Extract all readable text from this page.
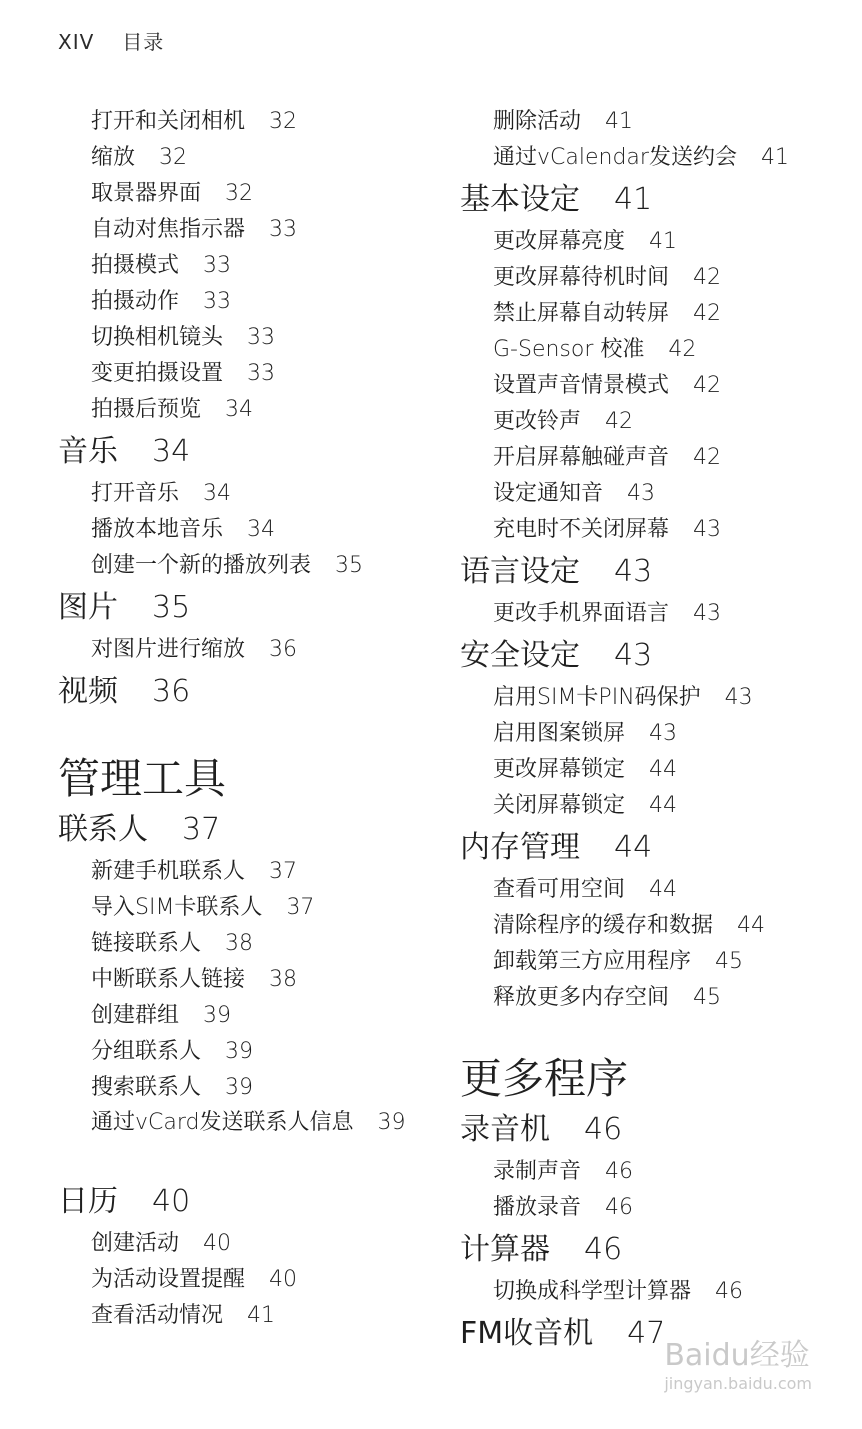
XIV 目录
打开和关闭相机 32
缩放 32
取景器界面 32
自动对焦指示器 33
拍摄模式 33
拍摄动作 33
切换相机镜头 33
变更拍摄设置 33
拍摄后预览 34
音乐 34
打开音乐 34
播放本地音乐 34
创建一个新的播放列表 35
图片 35
对图片进行缩放 36
视频 36
管理工具
联系人 37
新建手机联系人 37
导入SIM卡联系人 37
链接联系人 38
中断联系人链接 38
创建群组 39
分组联系人 39
搜索联系人 39
通过vCard发送联系人信息 39
日历 40
创建活动 40
为活动设置提醒 40
查看活动情况 41
删除活动 41
通过vCalendar发送约会 41
基本设定 41
更改屏幕亮度 41
更改屏幕待机时间 42
禁止屏幕自动转屏 42
G-Sensor 校准 42
设置声音情景模式 42
更改铃声 42
开启屏幕触碰声音 42
设定通知音 43
充电时不关闭屏幕 43
语言设定 43
更改手机界面语言 43
安全设定 43
启用SIM卡PIN码保护 43
启用图案锁屏 43
更改屏幕锁定 44
关闭屏幕锁定 44
内存管理 44
查看可用空间 44
清除程序的缓存和数据 44
卸载第三方应用程序 45
释放更多内存空间 45
更多程序
录音机 46
录制声音 46
播放录音 46
计算器 46
切换成科学型计算器 46
FM收音机 47
Baidu经验
jingyan.baidu.com
